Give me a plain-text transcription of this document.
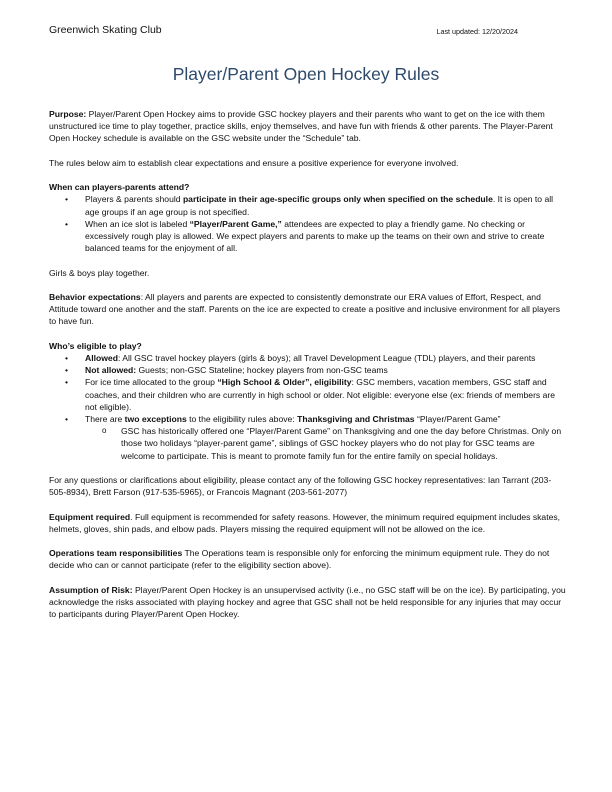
Greenwich Skating Club	Last updated: 12/20/2024
Player/Parent Open Hockey Rules

Purpose: Player/Parent Open Hockey aims to provide GSC hockey players and their parents who want to get on the ice with them unstructured ice time to play together, practice skills, enjoy themselves, and have fun with friends & other parents. The Player-Parent Open Hockey schedule is available on the GSC website under the “Schedule” tab.

The rules below aim to establish clear expectations and ensure a positive experience for everyone involved.

When can players-parents attend?

• Players & parents should participate in their age-specific groups only when specified on the schedule. It is open to all age groups if an age group is not specified.
• When an ice slot is labeled “Player/Parent Game,” attendees are expected to play a friendly game. No checking or excessively rough play is allowed. We expect players and parents to make up the teams on their own and strive to create balanced teams for the enjoyment of all.

Girls & boys play together.

Behavior expectations: All players and parents are expected to consistently demonstrate our ERA values of Effort, Respect, and Attitude toward one another and the staff. Parents on the ice are expected to create a positive and inclusive environment for all players to have fun.

Who’s eligible to play?

• Allowed: All GSC travel hockey players (girls & boys); all Travel Development League (TDL) players, and their parents
• Not allowed: Guests; non-GSC Stateline; hockey players from non-GSC teams
• For ice time allocated to the group “High School & Older”, eligibility: GSC members, vacation members, GSC staff and coaches, and their children who are currently in high school or older. Not eligible: everyone else (ex: friends of members are not eligible).
• There are two exceptions to the eligibility rules above: Thanksgiving and Christmas “Player/Parent Game”
o GSC has historically offered one “Player/Parent Game” on Thanksgiving and one the day before Christmas. Only on those two holidays “player-parent game”, siblings of GSC hockey players who do not play for GSC teams are welcome to participate. This is meant to promote family fun for the entire family on special holidays.

For any questions or clarifications about eligibility, please contact any of the following GSC hockey representatives: Ian Tarrant (203-505-8934), Brett Farson (917-535-5965), or Francois Magnant (203-561-2077)

Equipment required. Full equipment is recommended for safety reasons. However, the minimum required equipment includes skates, helmets, gloves, shin pads, and elbow pads. Players missing the required equipment will not be allowed on the ice.

Operations team responsibilities The Operations team is responsible only for enforcing the minimum equipment rule. They do not decide who can or cannot participate (refer to the eligibility section above).

Assumption of Risk: Player/Parent Open Hockey is an unsupervised activity (i.e., no GSC staff will be on the ice). By participating, you acknowledge the risks associated with playing hockey and agree that GSC shall not be held responsible for any injuries that may occur to participants during Player/Parent Open Hockey.
